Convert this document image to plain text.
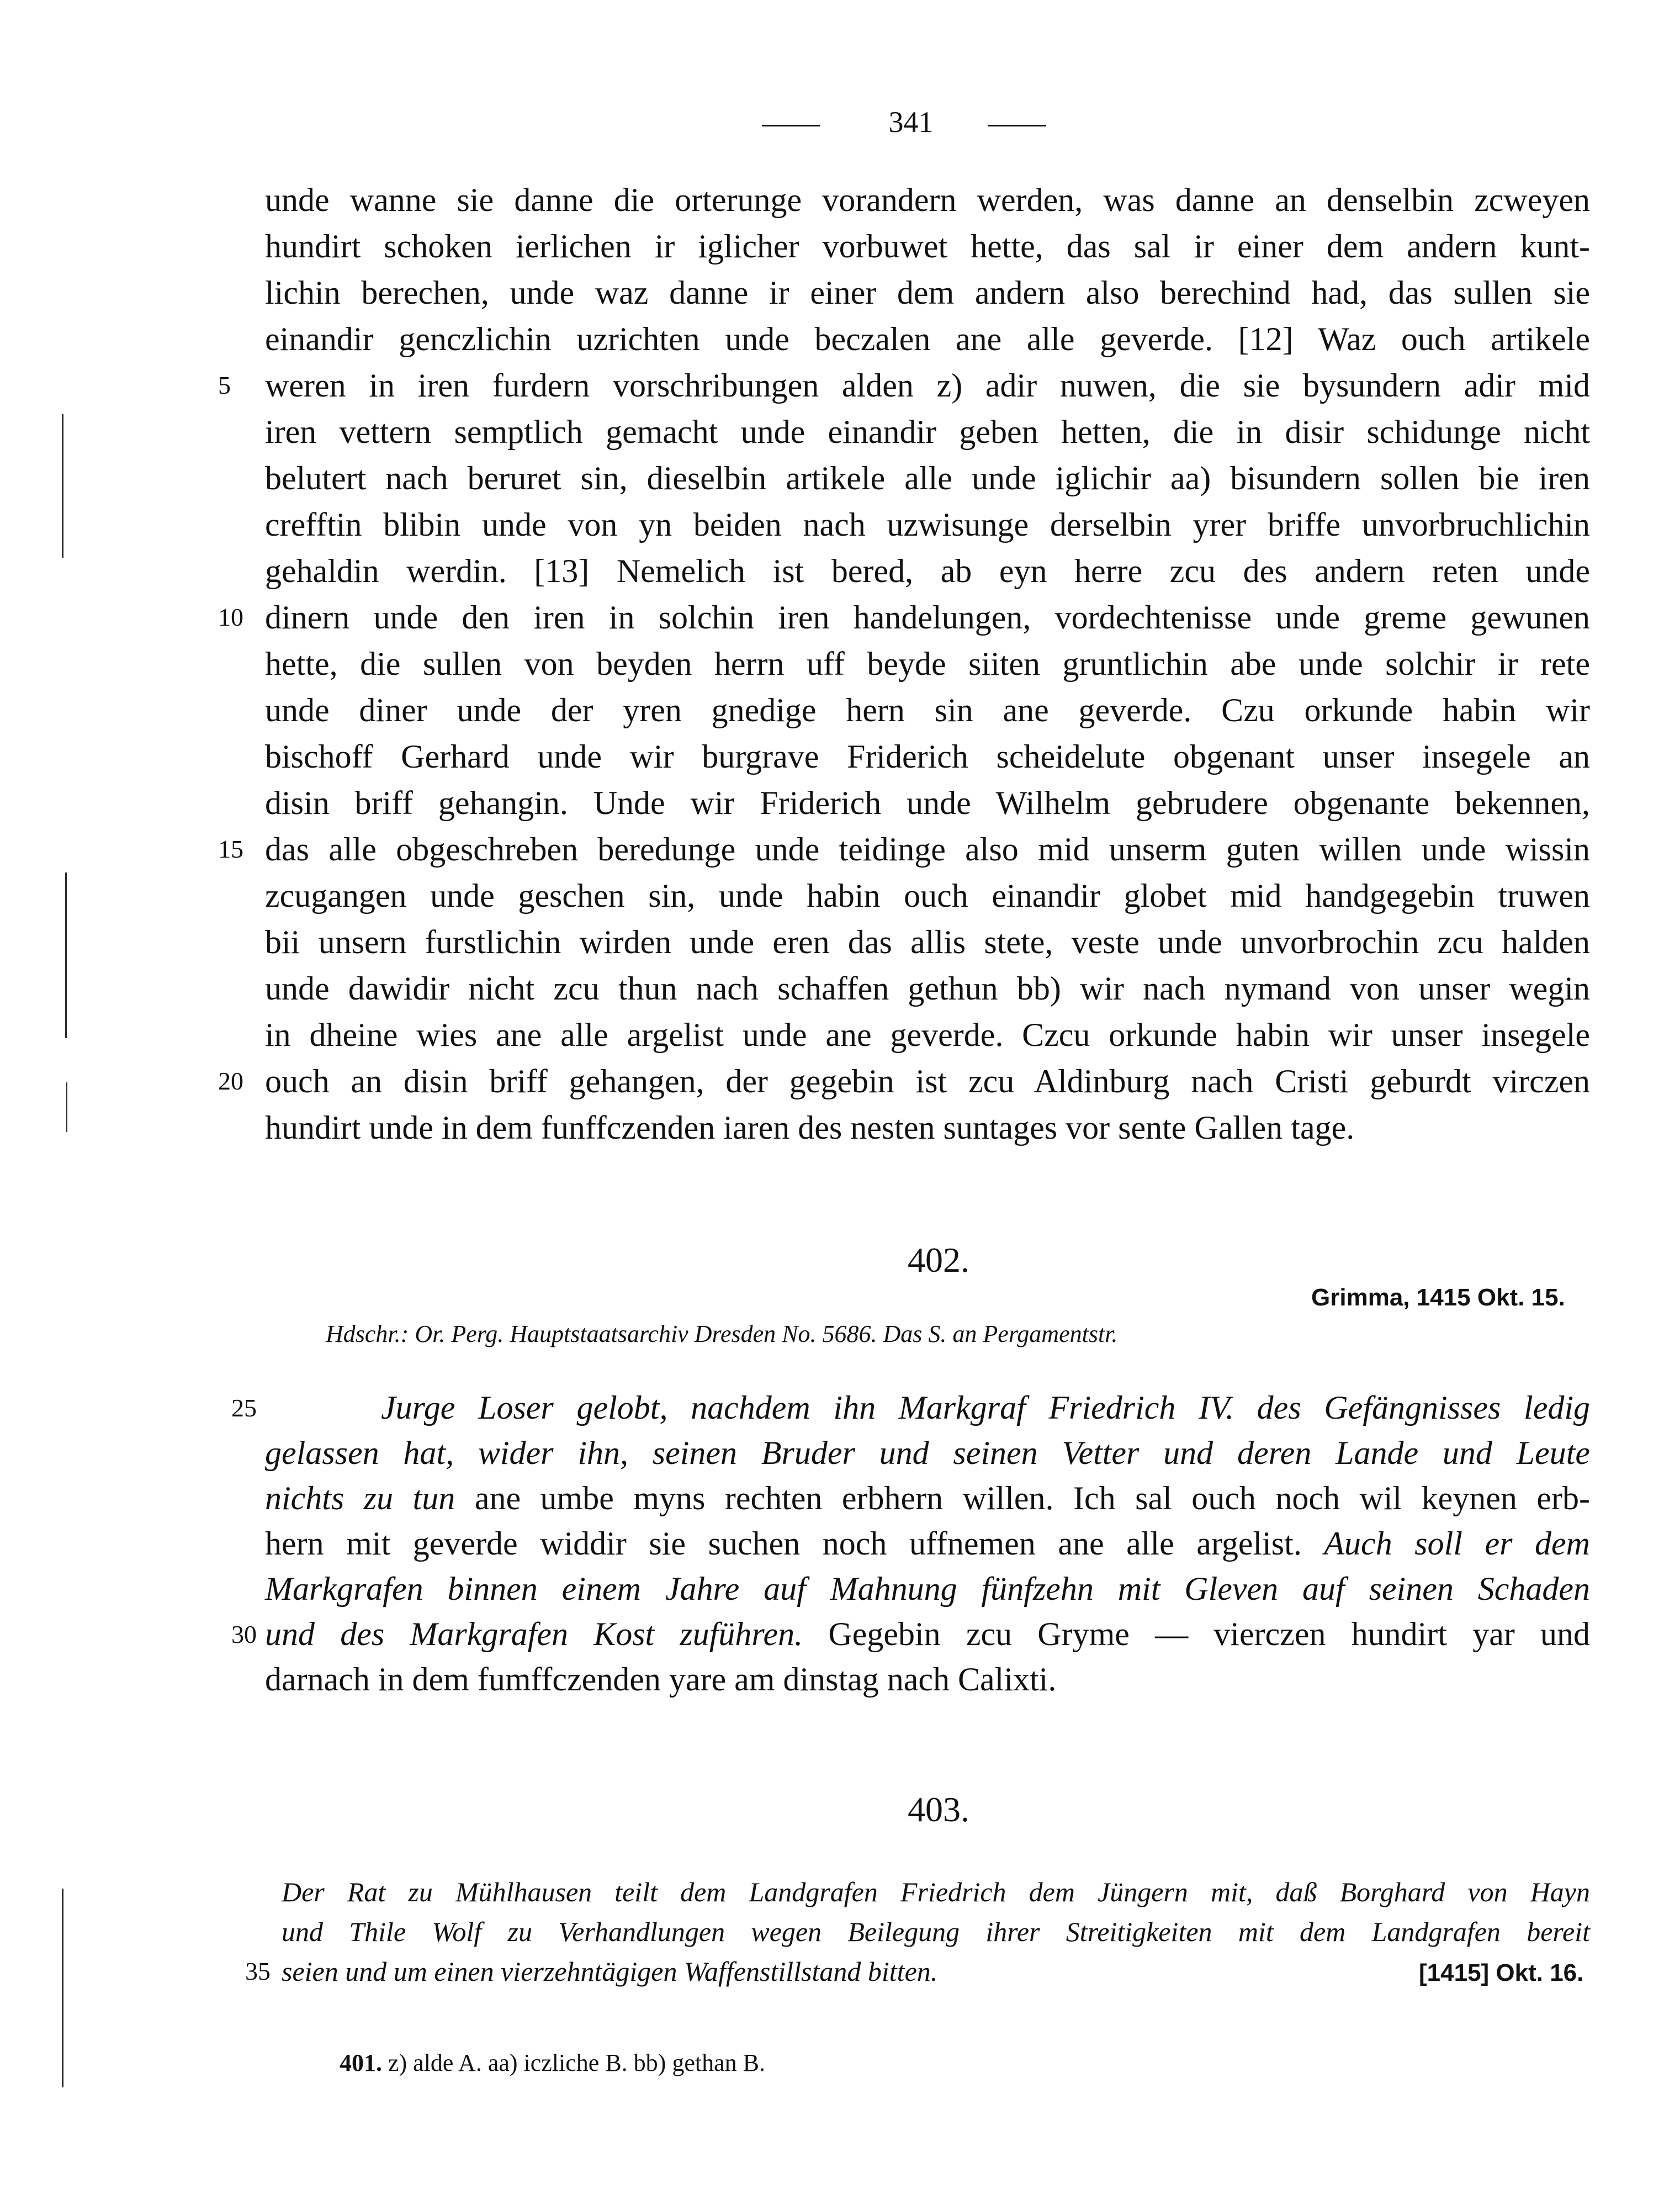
341
unde wanne sie danne die orterunge vorandern werden, was danne an denselbin zcweyen
hundirt schoken ierlichen ir iglicher vorbuwet hette, das sal ir einer dem andern kunt-
lichin berechen, unde waz danne ir einer dem andern also berechind had, das sullen sie
einandir genczlichin uzrichten unde beczalen ane alle geverde. [12] Waz ouch artikele
5	weren in iren furdern vorschribungen alden z) adir nuwen, die sie bysundern adir mid
iren vettern semptlich gemacht unde einandir geben hetten, die in disir schidunge nicht
belutert nach beruret sin, dieselbin artikele alle unde iglichir aa) bisundern sollen bie iren
crefftin blibin unde von yn beiden nach uzwisunge derselbin yrer briffe unvorbruchlichin
gehaldin werdin. [13] Nemelich ist bered, ab eyn herre zcu des andern reten unde
10 dinern unde den iren in solchin iren handelungen, vordechtenisse unde greme gewunen
hette, die sullen von beyden herrn uff beyde siiten gruntlichin abe unde solchir ir rete
unde diner unde der yren gnedige hern sin ane geverde. Czu orkunde habin wir
bischoff Gerhard unde wir burgrave Friderich scheidelute obgenant unser insegele an
disin briff gehangin. Unde wir Friderich unde Wilhelm gebrudere obgenante bekennen,
15 das alle obgeschreben beredunge unde teidinge also mid unserm guten willen unde wissin
zcugangen unde geschen sin, unde habin ouch einandir globet mid handgegebin truwen
bii unsern furstlichin wirden unde eren das allis stete, veste unde unvorbrochin zcu halden
unde dawidir nicht zcu thun nach schaffen gethun bb) wir nach nymand von unser wegin
in dheine wies ane alle argelist unde ane geverde. Czcu orkunde habin wir unser insegele
20 ouch an disin briff gehangen, der gegebin ist zcu Aldinburg nach Cristi geburdt virczen
hundirt unde in dem funffczenden iaren des nesten suntages vor sente Gallen tage.
402.
Grimma, 1415 Okt. 15.
Hdschr.: Or. Perg. Hauptstaatsarchiv Dresden No. 5686. Das S. an Pergamentstr.
25	Jurge Loser gelobt, nachdem ihn Markgraf Friedrich IV. des Gefängnisses ledig
gelassen hat, wider ihn, seinen Bruder und seinen Vetter und deren Lande und Leute
nichts zu tun ane umbe myns rechten erbhern willen. Ich sal ouch noch wil keynen erb-
hern mit geverde widdir sie suchen noch uffnemen ane alle argelist. Auch soll er dem
Markgrafen binnen einem Jahre auf Mahnung fünfzehn mit Gleven auf seinen Schaden
30 und des Markgrafen Kost zuführen. Gegebin zcu Gryme — vierczen hundirt yar und
darnach in dem fumffczenden yare am dinstag nach Calixti.
403.
Der Rat zu Mühlhausen teilt dem Landgrafen Friedrich dem Jüngern mit, daß Borghard von Hayn
und Thile Wolf zu Verhandlungen wegen Beilegung ihrer Streitigkeiten mit dem Landgrafen bereit
35 seien und um einen vierzehntägigen Waffenstillstand bitten.	[1415] Okt. 16.
401. z) alde A. aa) iczliche B. bb) gethan B.
